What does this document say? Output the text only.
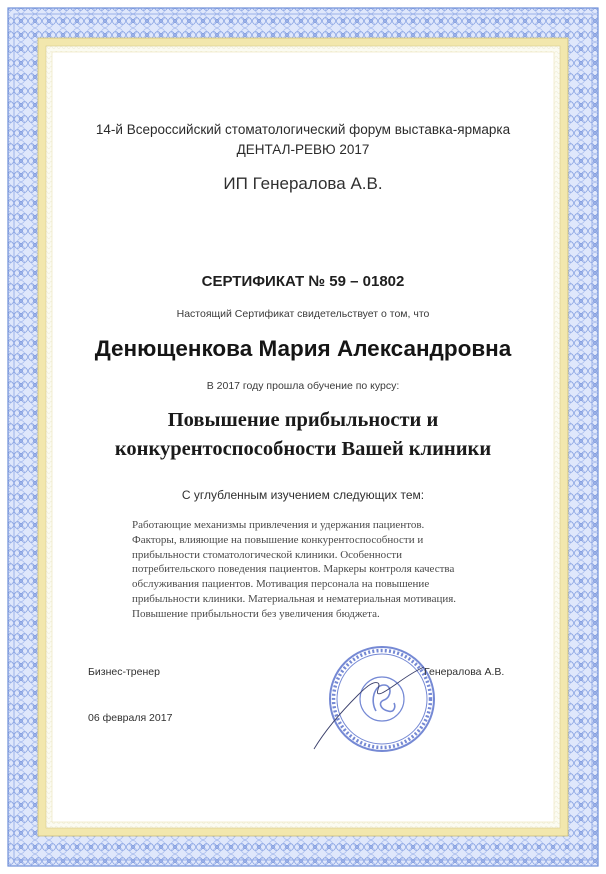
14-й Всероссийский стоматологический форум выставка-ярмарка

ДЕНТАЛ-РЕВЮ 2017

ИП Генералова А.В.

СЕРТИФИКАТ № 59 – 01802

Настоящий Сертификат свидетельствует о том, что

Денющенкова Мария Александровна

В 2017 году прошла обучение по курсу:

Повышение прибыльности и
конкурентоспособности Вашей клиники

С углубленным изучением следующих тем:

Работающие механизмы привлечения и удержания пациентов.
Факторы, влияющие на повышение конкурентоспособности и
прибыльности стоматологической клиники. Особенности
потребительского поведения пациентов. Маркеры контроля качества
обслуживания пациентов. Мотивация персонала на повышение
прибыльности клиники. Материальная и нематериальная мотивация.
Повышение прибыльности без увеличения бюджета.
Бизнес-тренер	Генералова А.В.
06 февраля 2017
